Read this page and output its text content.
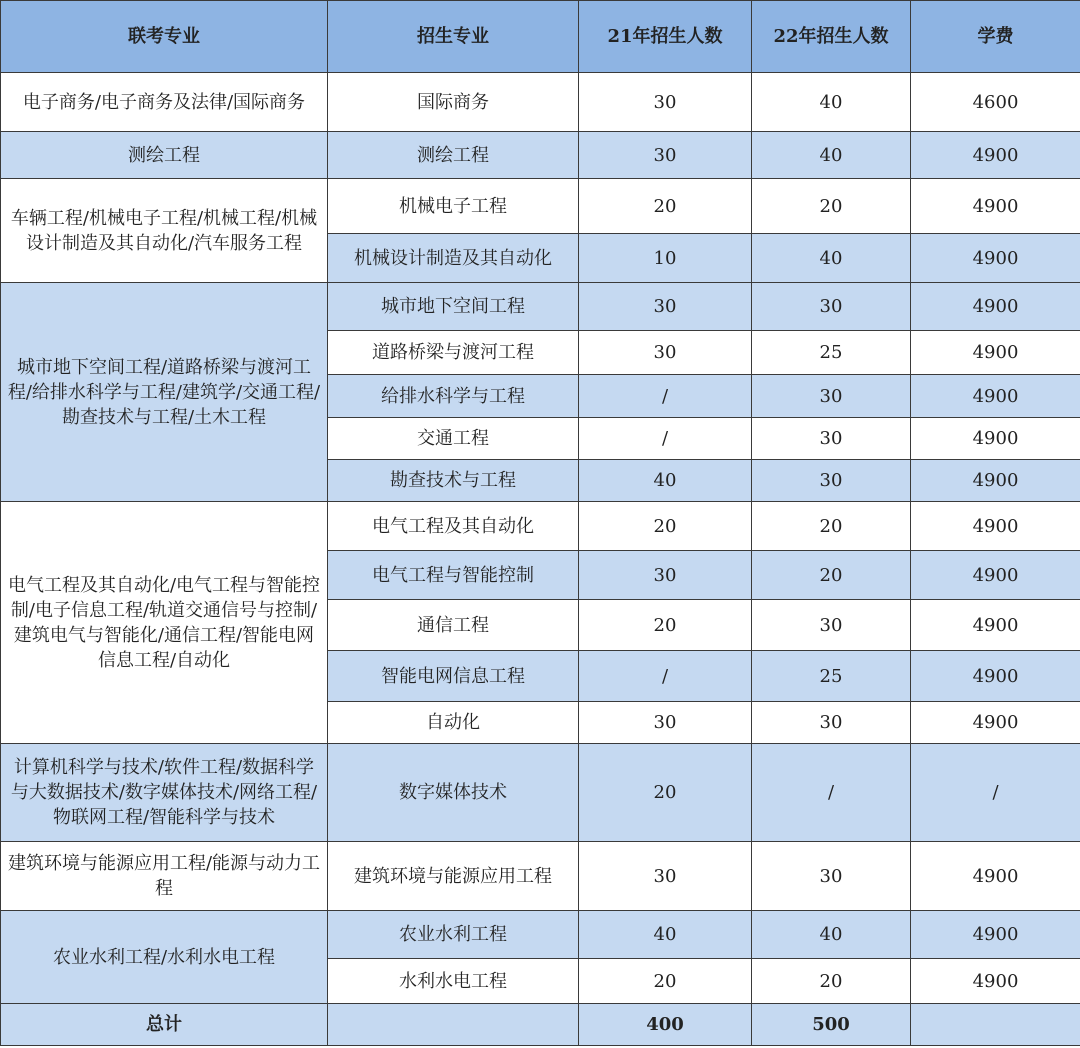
联考专业	招生专业	21年招生人数	22年招生人数	学费
电子商务/电子商务及法律/国际商务	国际商务	30	40	4600
测绘工程	测绘工程	30	40	4900
车辆工程/机械电子工程/机械工程/机械设计制造及其自动化/汽车服务工程	机械电子工程	20	20	4900
	机械设计制造及其自动化	10	40	4900
城市地下空间工程/道路桥梁与渡河工程/给排水科学与工程/建筑学/交通工程/勘查技术与工程/土木工程	城市地下空间工程	30	30	4900
	道路桥梁与渡河工程	30	25	4900
	给排水科学与工程	/	30	4900
	交通工程	/	30	4900
	勘查技术与工程	40	30	4900
电气工程及其自动化/电气工程与智能控制/电子信息工程/轨道交通信号与控制/建筑电气与智能化/通信工程/智能电网信息工程/自动化	电气工程及其自动化	20	20	4900
	电气工程与智能控制	30	20	4900
	通信工程	20	30	4900
	智能电网信息工程	/	25	4900
	自动化	30	30	4900
计算机科学与技术/软件工程/数据科学与大数据技术/数字媒体技术/网络工程/物联网工程/智能科学与技术	数字媒体技术	20	/	/
建筑环境与能源应用工程/能源与动力工程	建筑环境与能源应用工程	30	30	4900
农业水利工程/水利水电工程	农业水利工程	40	40	4900
	水利水电工程	20	20	4900
总计		400	500	
